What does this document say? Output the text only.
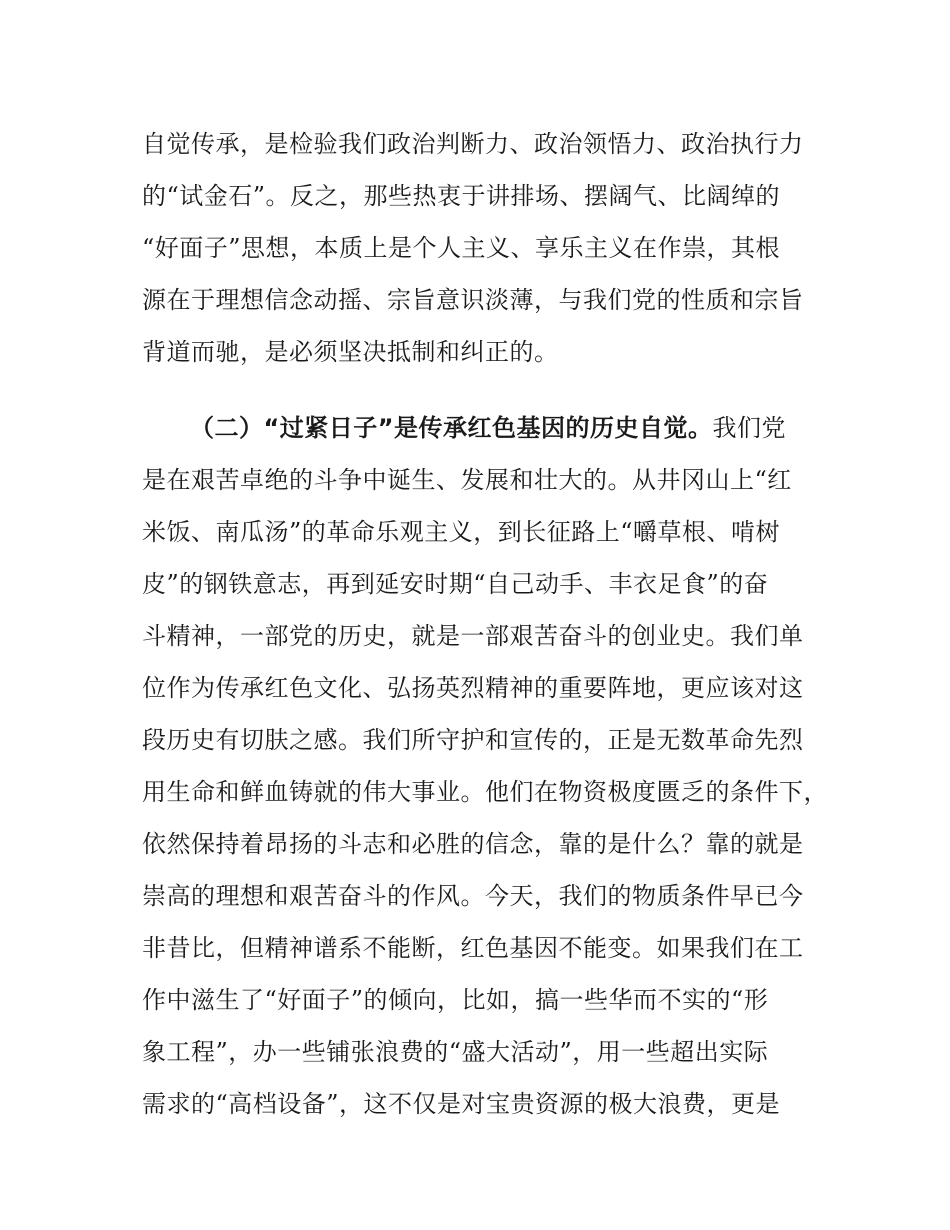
自觉传承，是检验我们政治判断力、政治领悟力、政治执行力
的“试金石”。反之，那些热衷于讲排场、摆阔气、比阔绰的
“好面子”思想，本质上是个人主义、享乐主义在作祟，其根
源在于理想信念动摇、宗旨意识淡薄，与我们党的性质和宗旨
背道而驰，是必须坚决抵制和纠正的。
（二）“过紧日子”是传承红色基因的历史自觉。我们党
是在艰苦卓绝的斗争中诞生、发展和壮大的。从井冈山上“红
米饭、南瓜汤”的革命乐观主义，到长征路上“嚼草根、啃树
皮”的钢铁意志，再到延安时期“自己动手、丰衣足食”的奋
斗精神，一部党的历史，就是一部艰苦奋斗的创业史。我们单
位作为传承红色文化、弘扬英烈精神的重要阵地，更应该对这
段历史有切肤之感。我们所守护和宣传的，正是无数革命先烈
用生命和鲜血铸就的伟大事业。他们在物资极度匮乏的条件下，
依然保持着昂扬的斗志和必胜的信念，靠的是什么？靠的就是
崇高的理想和艰苦奋斗的作风。今天，我们的物质条件早已今
非昔比，但精神谱系不能断，红色基因不能变。如果我们在工
作中滋生了“好面子”的倾向，比如，搞一些华而不实的“形
象工程”，办一些铺张浪费的“盛大活动”，用一些超出实际
需求的“高档设备”，这不仅是对宝贵资源的极大浪费，更是
